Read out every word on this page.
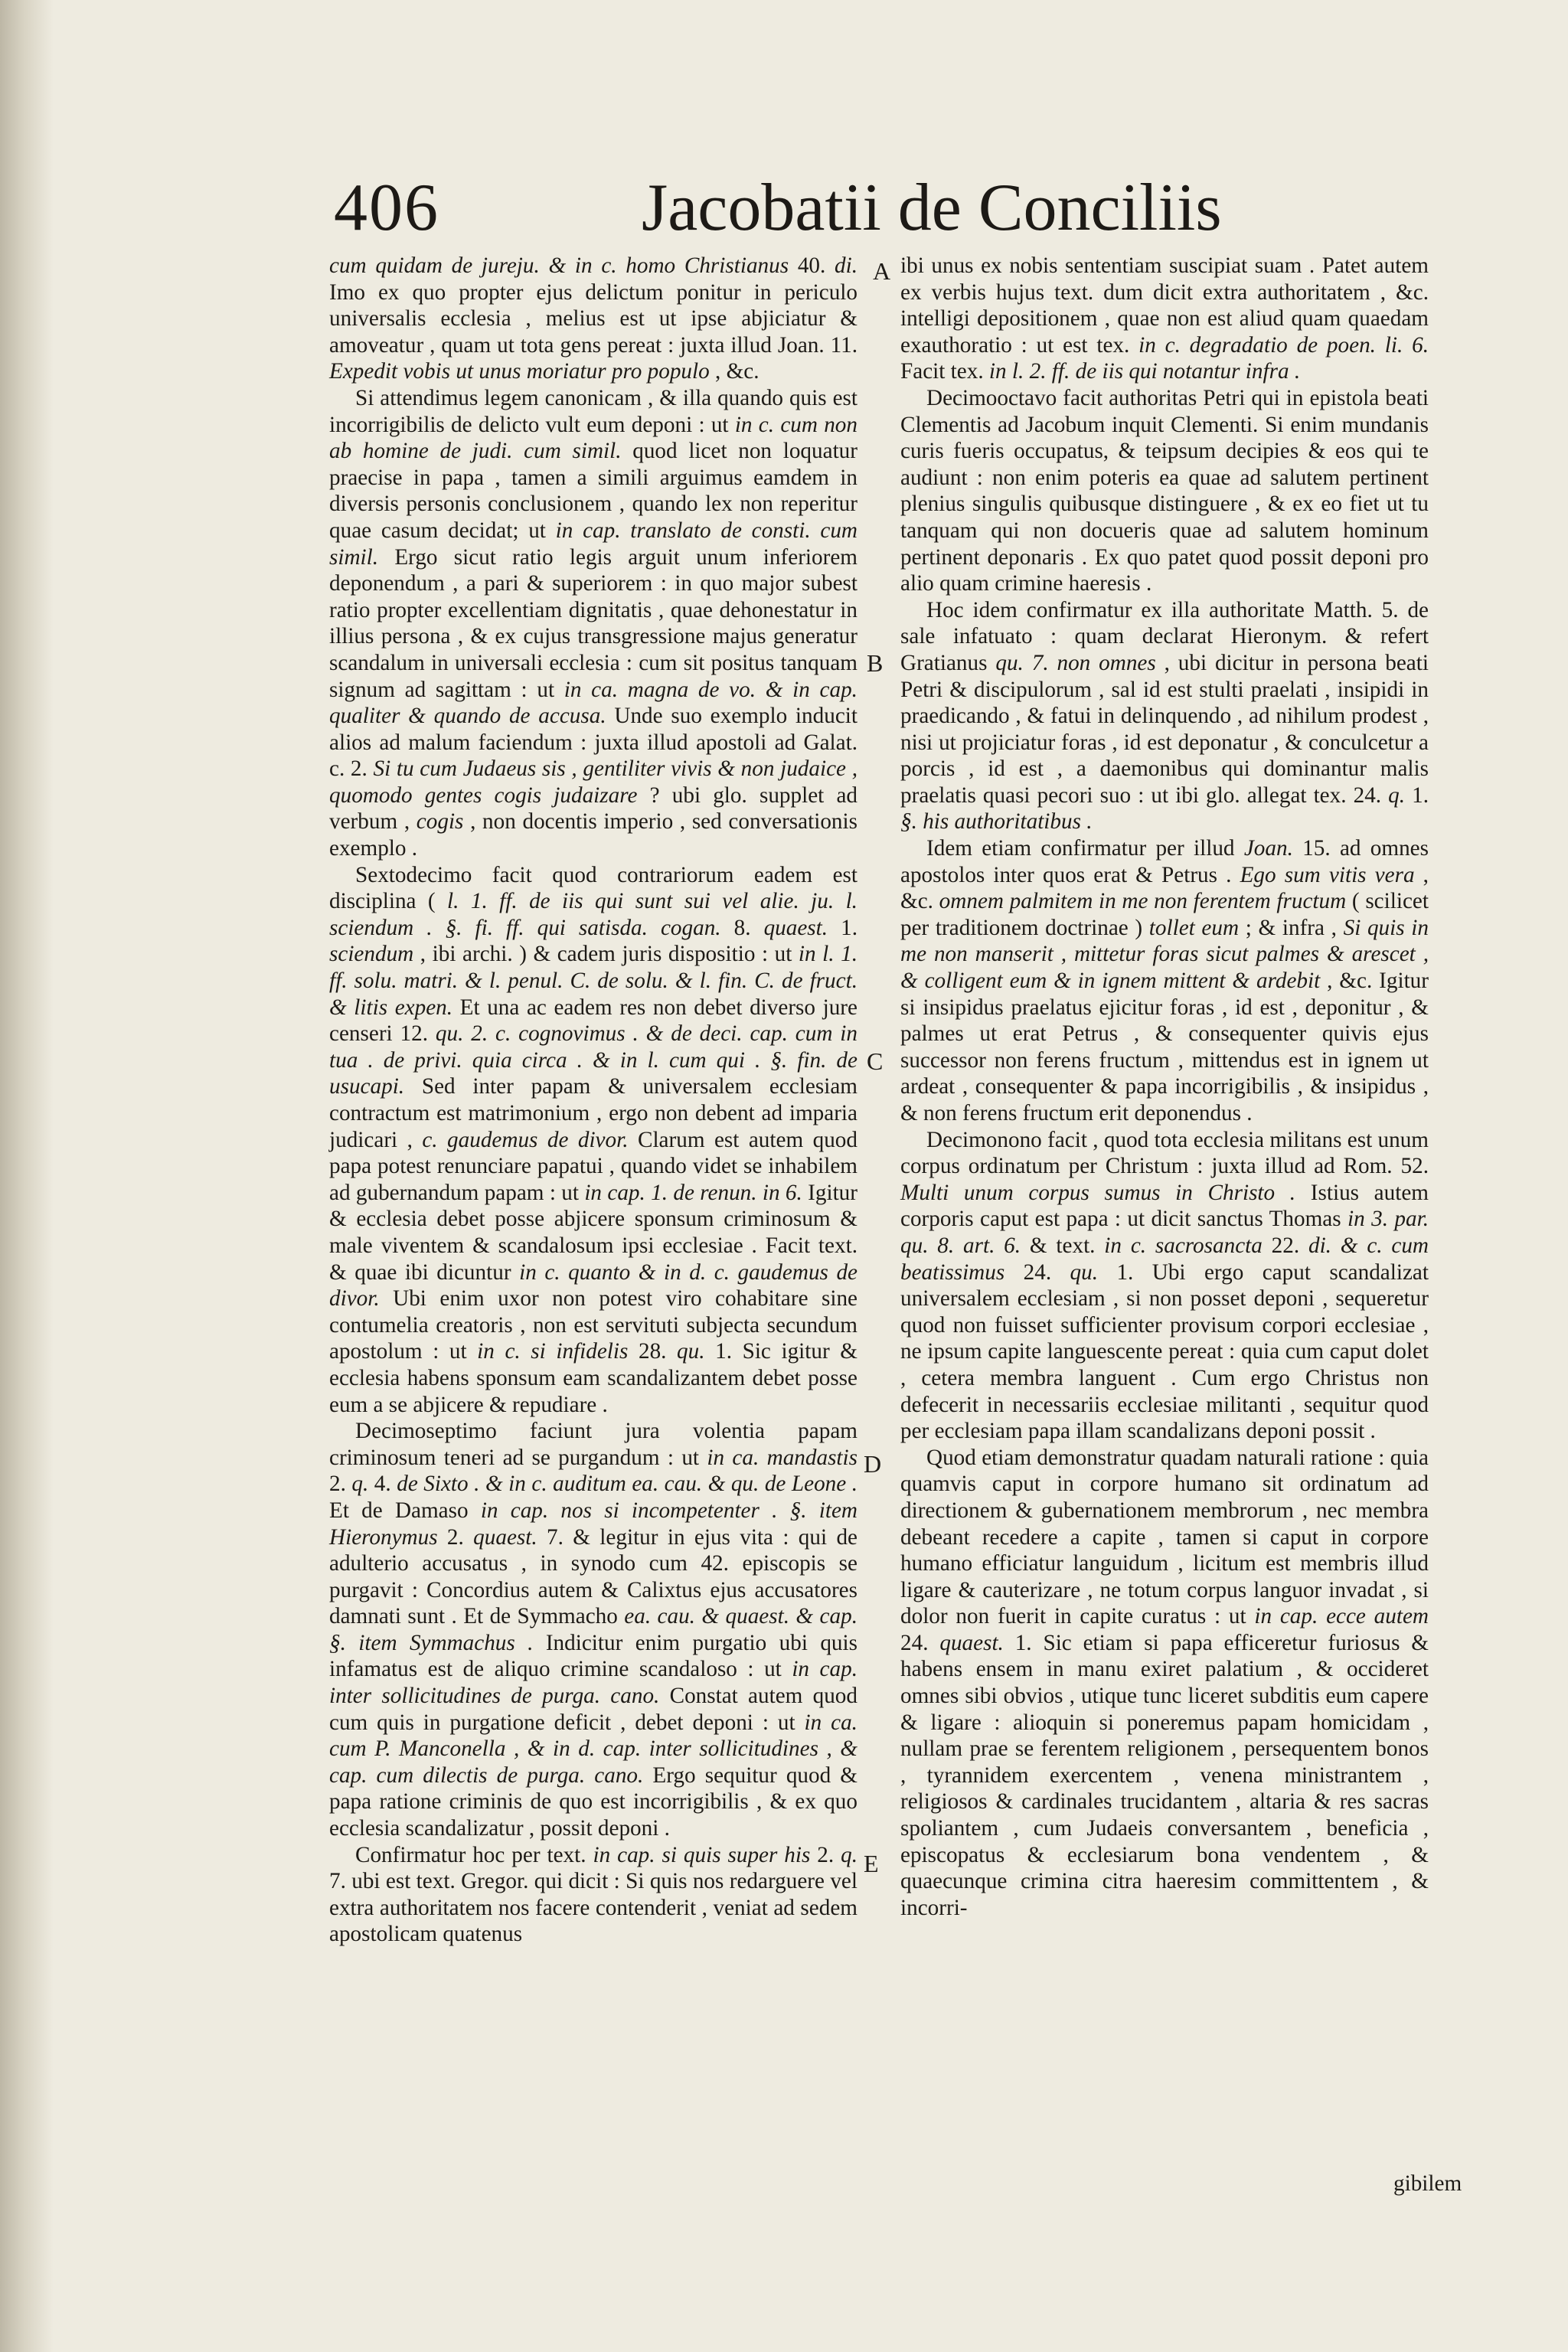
406	Jacobatii de Conciliis

cum quidam de jureju. & in c. homo Christianus 40. di. Imo ex quo propter ejus delictum ponitur in periculo universalis ecclesia , melius est ut ipse abjiciatur & amoveatur , quam ut tota gens pereat : juxta illud Joan. 11. Expedit vobis ut unus moriatur pro populo , &c.

Si attendimus legem canonicam , & illa quando quis est incorrigibilis de delicto vult eum deponi : ut in c. cum non ab homine de judi. cum simil. quod licet non loquatur praecise in papa , tamen a simili arguimus eamdem in diversis personis conclusionem , quando lex non reperitur quae casum decidat; ut in cap. translato de consti. cum simil. Ergo sicut ratio legis arguit unum inferiorem deponendum , a pari & superiorem : in quo major subest ratio propter excellentiam dignitatis , quae dehonestatur in illius persona , & ex cujus transgressione majus generatur scandalum in universali ecclesia : cum sit positus tanquam signum ad sagittam : ut in ca. magna de vo. & in cap. qualiter & quando de accusa. Unde suo exemplo inducit alios ad malum faciendum : juxta illud apostoli ad Galat. c. 2. Si tu cum Judaeus sis , gentiliter vivis & non judaice , quomodo gentes cogis judaizare ? ubi glo. supplet ad verbum , cogis , non docentis imperio , sed conversationis exemplo .

Sextodecimo facit quod contrariorum eadem est disciplina ( l. 1. ff. de iis qui sunt sui vel alie. ju. l. sciendum . §. fi. ff. qui satisda. cogan. 8. quaest. 1. sciendum , ibi archi. ) & cadem juris dispositio : ut in l. 1. ff. solu. matri. & l. penul. C. de solu. & l. fin. C. de fruct. & litis expen. Et una ac eadem res non debet diverso jure censeri 12. qu. 2. c. cognovimus . & de deci. cap. cum in tua . de privi. quia circa . & in l. cum qui . §. fin. de usucapi. Sed inter papam & universalem ecclesiam contractum est matrimonium , ergo non debent ad imparia judicari , c. gaudemus de divor. Clarum est autem quod papa potest renunciare papatui , quando videt se inhabilem ad gubernandum papam : ut in cap. 1. de renun. in 6. Igitur & ecclesia debet posse abjicere sponsum criminosum & male viventem & scandalosum ipsi ecclesiae . Facit text. & quae ibi dicuntur in c. quanto & in d. c. gaudemus de divor. Ubi enim uxor non potest viro cohabitare sine contumelia creatoris , non est servituti subjecta secundum apostolum : ut in c. si infidelis 28. qu. 1. Sic igitur & ecclesia habens sponsum eam scandalizantem debet posse eum a se abjicere & repudiare .

Decimoseptimo faciunt jura volentia papam criminosum teneri ad se purgandum : ut in ca. mandastis 2. q. 4. de Sixto . & in c. auditum ea. cau. & qu. de Leone . Et de Damaso in cap. nos si incompetenter . §. item Hieronymus 2. quaest. 7. & legitur in ejus vita : qui de adulterio accusatus , in synodo cum 42. episcopis se purgavit : Concordius autem & Calixtus ejus accusatores damnati sunt . Et de Symmacho ea. cau. & quaest. & cap. §. item Symmachus . Indicitur enim purgatio ubi quis infamatus est de aliquo crimine scandaloso : ut in cap. inter sollicitudines de purga. cano. Constat autem quod cum quis in purgatione deficit , debet deponi : ut in ca. cum P. Manconella , & in d. cap. inter sollicitudines , & cap. cum dilectis de purga. cano. Ergo sequitur quod & papa ratione criminis de quo est incorrigibilis , & ex quo ecclesia scandalizatur , possit deponi .

Confirmatur hoc per text. in cap. si quis super his 2. q. 7. ubi est text. Gregor. qui dicit : Si quis nos redarguere vel extra authoritatem nos facere contenderit , veniat ad sedem apostolicam quatenus

ibi unus ex nobis sententiam suscipiat suam . Patet autem ex verbis hujus text. dum dicit extra authoritatem , &c. intelligi depositionem , quae non est aliud quam quaedam exauthoratio : ut est tex. in c. degradatio de poen. li. 6. Facit tex. in l. 2. ff. de iis qui notantur infra .

Decimooctavo facit authoritas Petri qui in epistola beati Clementis ad Jacobum inquit Clementi. Si enim mundanis curis fueris occupatus, & teipsum decipies & eos qui te audiunt : non enim poteris ea quae ad salutem pertinent plenius singulis quibusque distinguere , & ex eo fiet ut tu tanquam qui non docueris quae ad salutem hominum pertinent deponaris . Ex quo patet quod possit deponi pro alio quam crimine haeresis .

Hoc idem confirmatur ex illa authoritate Matth. 5. de sale infatuato : quam declarat Hieronym. & refert Gratianus qu. 7. non omnes , ubi dicitur in persona beati Petri & discipulorum , sal id est stulti praelati , insipidi in praedicando , & fatui in delinquendo , ad nihilum prodest , nisi ut projiciatur foras , id est deponatur , & conculcetur a porcis , id est , a daemonibus qui dominantur malis praelatis quasi pecori suo : ut ibi glo. allegat tex. 24. q. 1. §. his authoritatibus .

Idem etiam confirmatur per illud Joan. 15. ad omnes apostolos inter quos erat & Petrus . Ego sum vitis vera , &c. omnem palmitem in me non ferentem fructum ( scilicet per traditionem doctrinae ) tollet eum ; & infra , Si quis in me non manserit , mittetur foras sicut palmes & arescet , & colligent eum & in ignem mittent & ardebit , &c. Igitur si insipidus praelatus ejicitur foras , id est , deponitur , & palmes ut erat Petrus , & consequenter quivis ejus successor non ferens fructum , mittendus est in ignem ut ardeat , consequenter & papa incorrigibilis , & insipidus , & non ferens fructum erit deponendus .

Decimonono facit , quod tota ecclesia militans est unum corpus ordinatum per Christum : juxta illud ad Rom. 52. Multi unum corpus sumus in Christo . Istius autem corporis caput est papa : ut dicit sanctus Thomas in 3. par. qu. 8. art. 6. & text. in c. sacrosancta 22. di. & c. cum beatissimus 24. qu. 1. Ubi ergo caput scandalizat universalem ecclesiam , si non posset deponi , sequeretur quod non fuisset sufficienter provisum corpori ecclesiae , ne ipsum capite languescente pereat : quia cum caput dolet , cetera membra languent . Cum ergo Christus non defecerit in necessariis ecclesiae militanti , sequitur quod per ecclesiam papa illam scandalizans deponi possit .

Quod etiam demonstratur quadam naturali ratione : quia quamvis caput in corpore humano sit ordinatum ad directionem & gubernationem membrorum , nec membra debeant recedere a capite , tamen si caput in corpore humano efficiatur languidum , licitum est membris illud ligare & cauterizare , ne totum corpus languor invadat , si dolor non fuerit in capite curatus : ut in cap. ecce autem 24. quaest. 1. Sic etiam si papa efficeretur furiosus & habens ensem in manu exiret palatium , & occideret omnes sibi obvios , utique tunc liceret subditis eum capere & ligare : alioquin si poneremus papam homicidam , nullam prae se ferentem religionem , persequentem bonos , tyrannidem exercentem , venena ministrantem , religiosos & cardinales trucidantem , altaria & res sacras spoliantem , cum Judaeis conversantem , beneficia , episcopatus & ecclesiarum bona vendentem , & quaecunque crimina citra haeresim committentem , & incorri-

A
B
C
D
E
gibilem
